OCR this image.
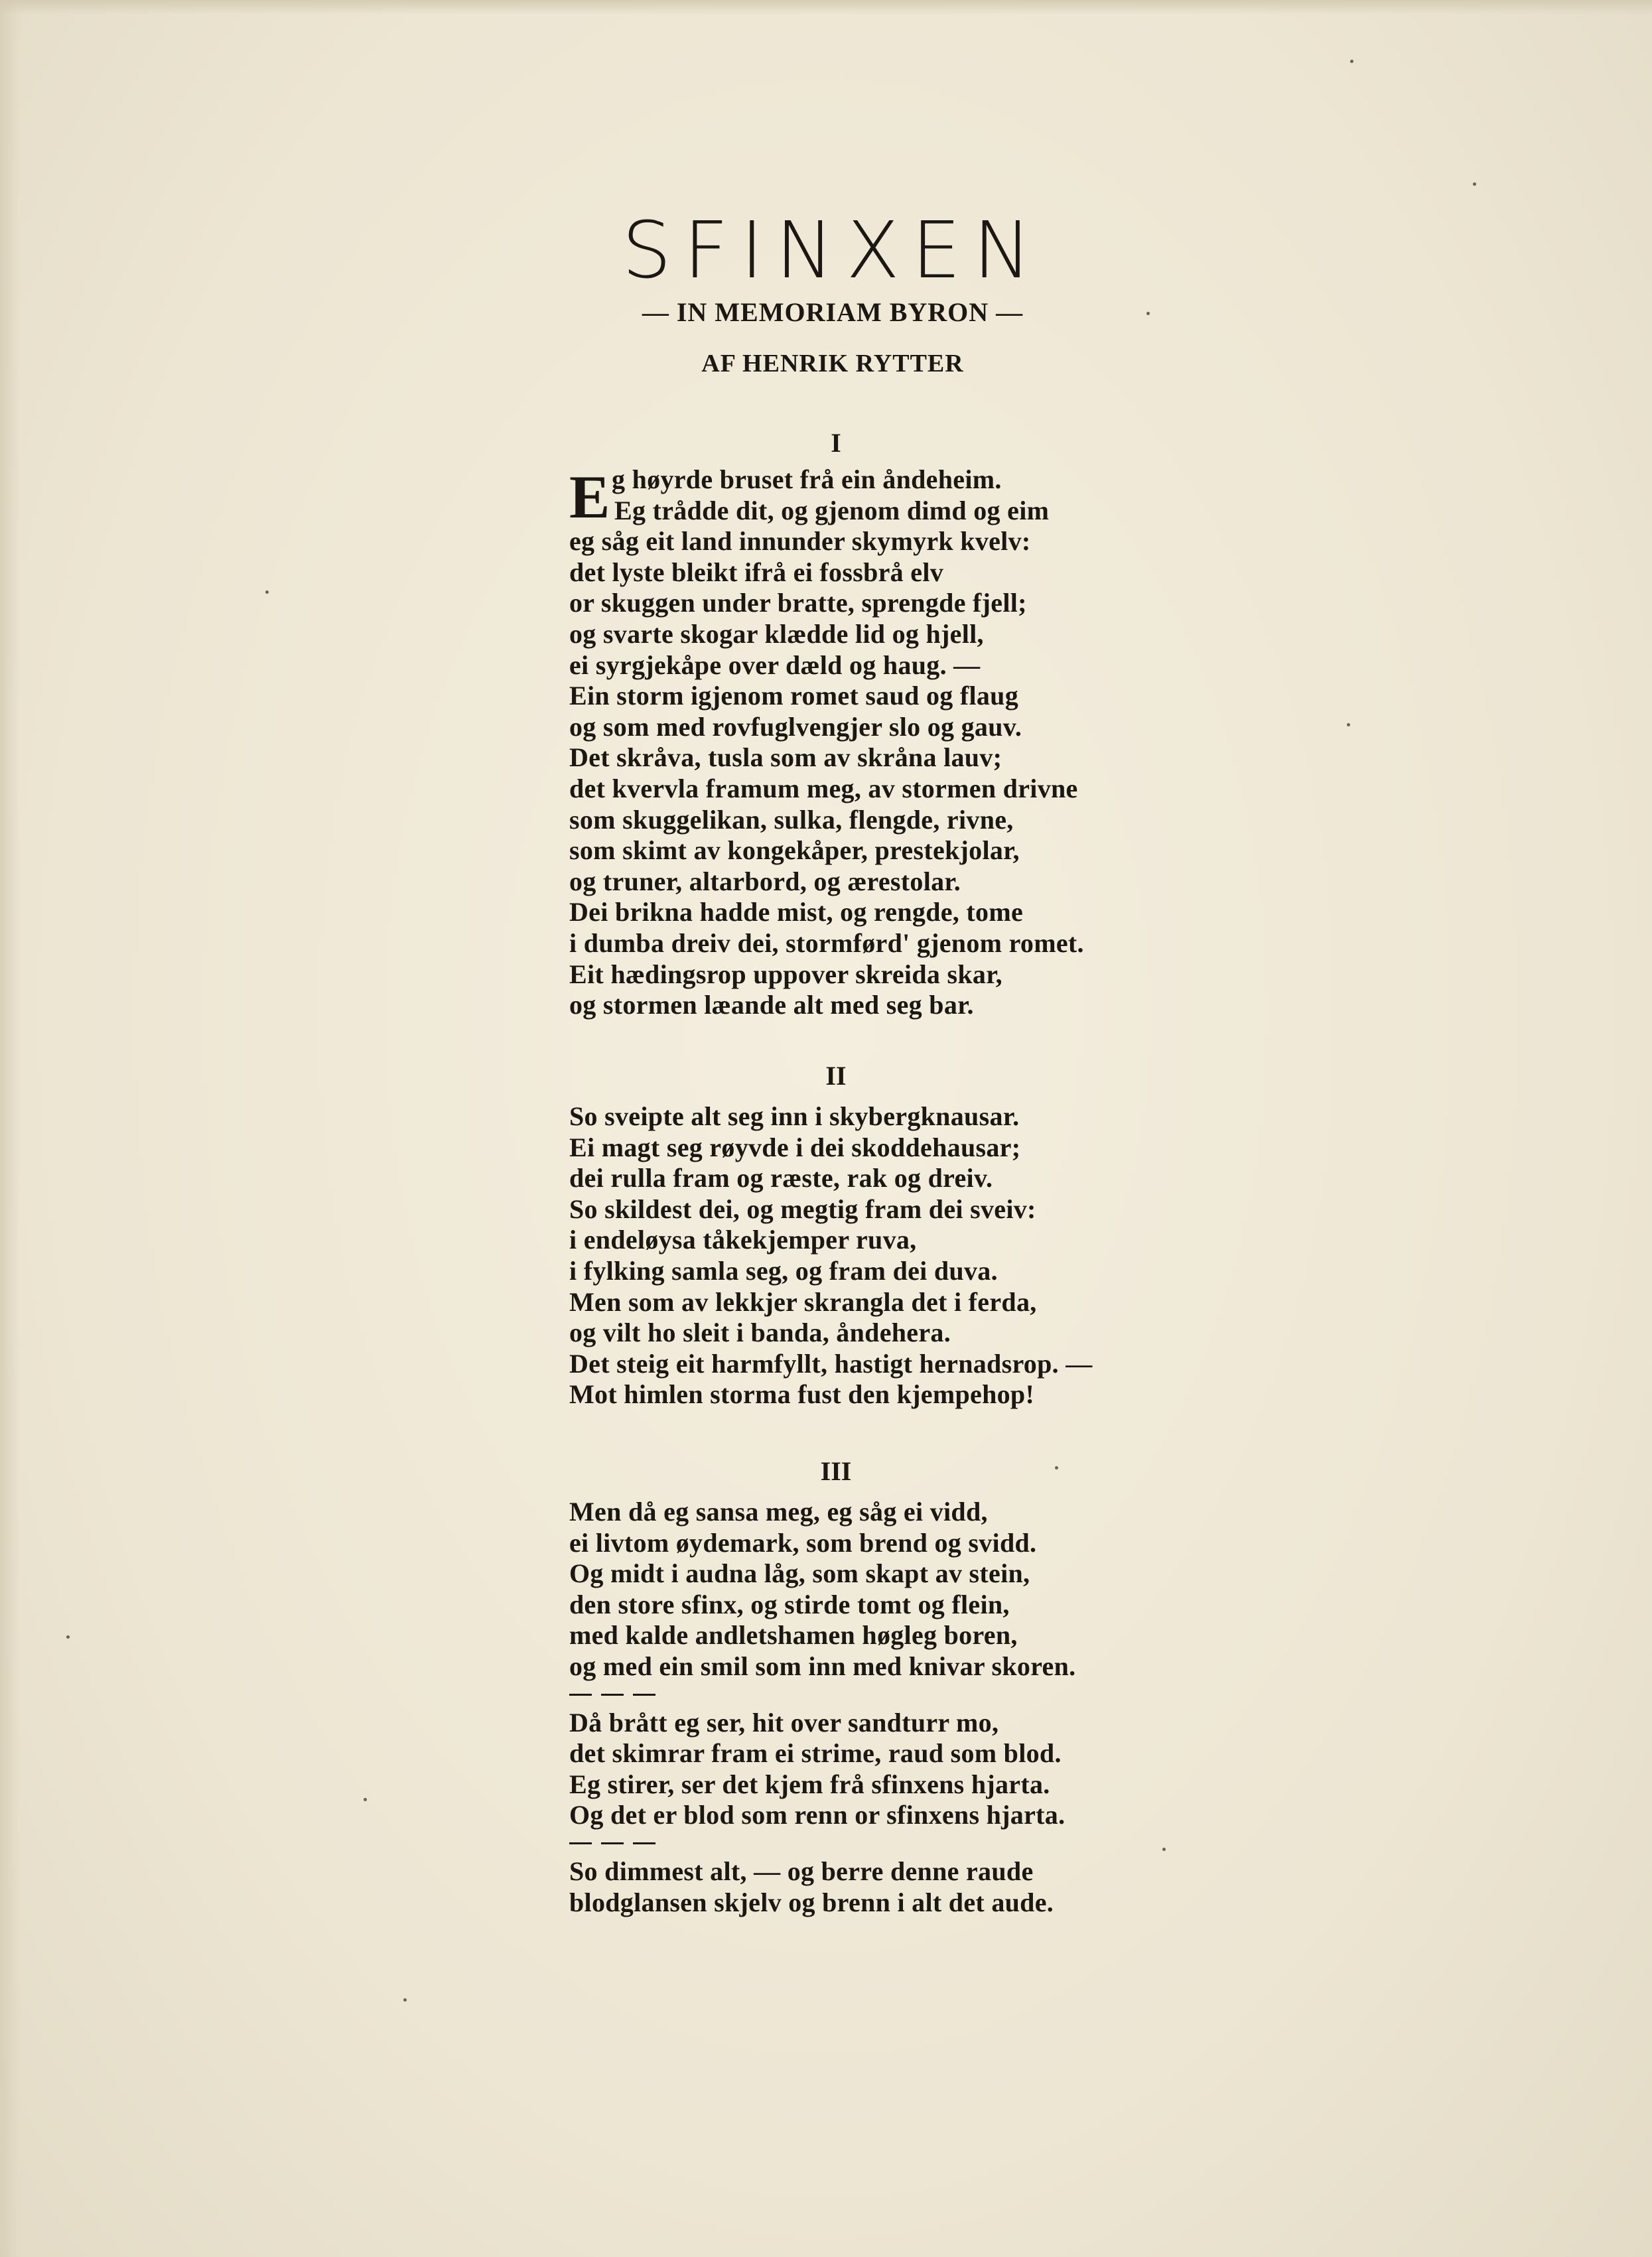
SFINXEN
— IN MEMORIAM BYRON —
AF HENRIK RYTTER
I
E g høyrde bruset frå ein åndeheim.
Eg trådde dit, og gjenom dimd og eim
eg såg eit land innunder skymyrk kvelv:
det lyste bleikt ifrå ei fossbrå elv
or skuggen under bratte, sprengde fjell;
og svarte skogar klædde lid og hjell,
ei syrgjekåpe over dæld og haug. —
Ein storm igjenom romet saud og flaug
og som med rovfuglvengjer slo og gauv.
Det skråva, tusla som av skråna lauv;
det kvervla framum meg, av stormen drivne
som skuggelikan, sulka, flengde, rivne,
som skimt av kongekåper, prestekjolar,
og truner, altarbord, og ærestolar.
Dei brikna hadde mist, og rengde, tome
i dumba dreiv dei, stormførd' gjenom romet.
Eit hædingsrop uppover skreida skar,
og stormen læande alt med seg bar.
II
So sveipte alt seg inn i skybergknausar.
Ei magt seg røyvde i dei skoddehausar;
dei rulla fram og ræste, rak og dreiv.
So skildest dei, og megtig fram dei sveiv:
i endeløysa tåkekjemper ruva,
i fylking samla seg, og fram dei duva.
Men som av lekkjer skrangla det i ferda,
og vilt ho sleit i banda, åndehera.
Det steig eit harmfyllt, hastigt hernadsrop. —
Mot himlen storma fust den kjempehop!
III
Men då eg sansa meg, eg såg ei vidd,
ei livtom øydemark, som brend og svidd.
Og midt i audna låg, som skapt av stein,
den store sfinx, og stirde tomt og flein,
med kalde andletshamen høgleg boren,
og med ein smil som inn med knivar skoren.
Då brått eg ser, hit over sandturr mo,
det skimrar fram ei strime, raud som blod.
Eg stirer, ser det kjem frå sfinxens hjarta.
Og det er blod som renn or sfinxens hjarta.
So dimmest alt, — og berre denne raude
blodglansen skjelv og brenn i alt det aude.
